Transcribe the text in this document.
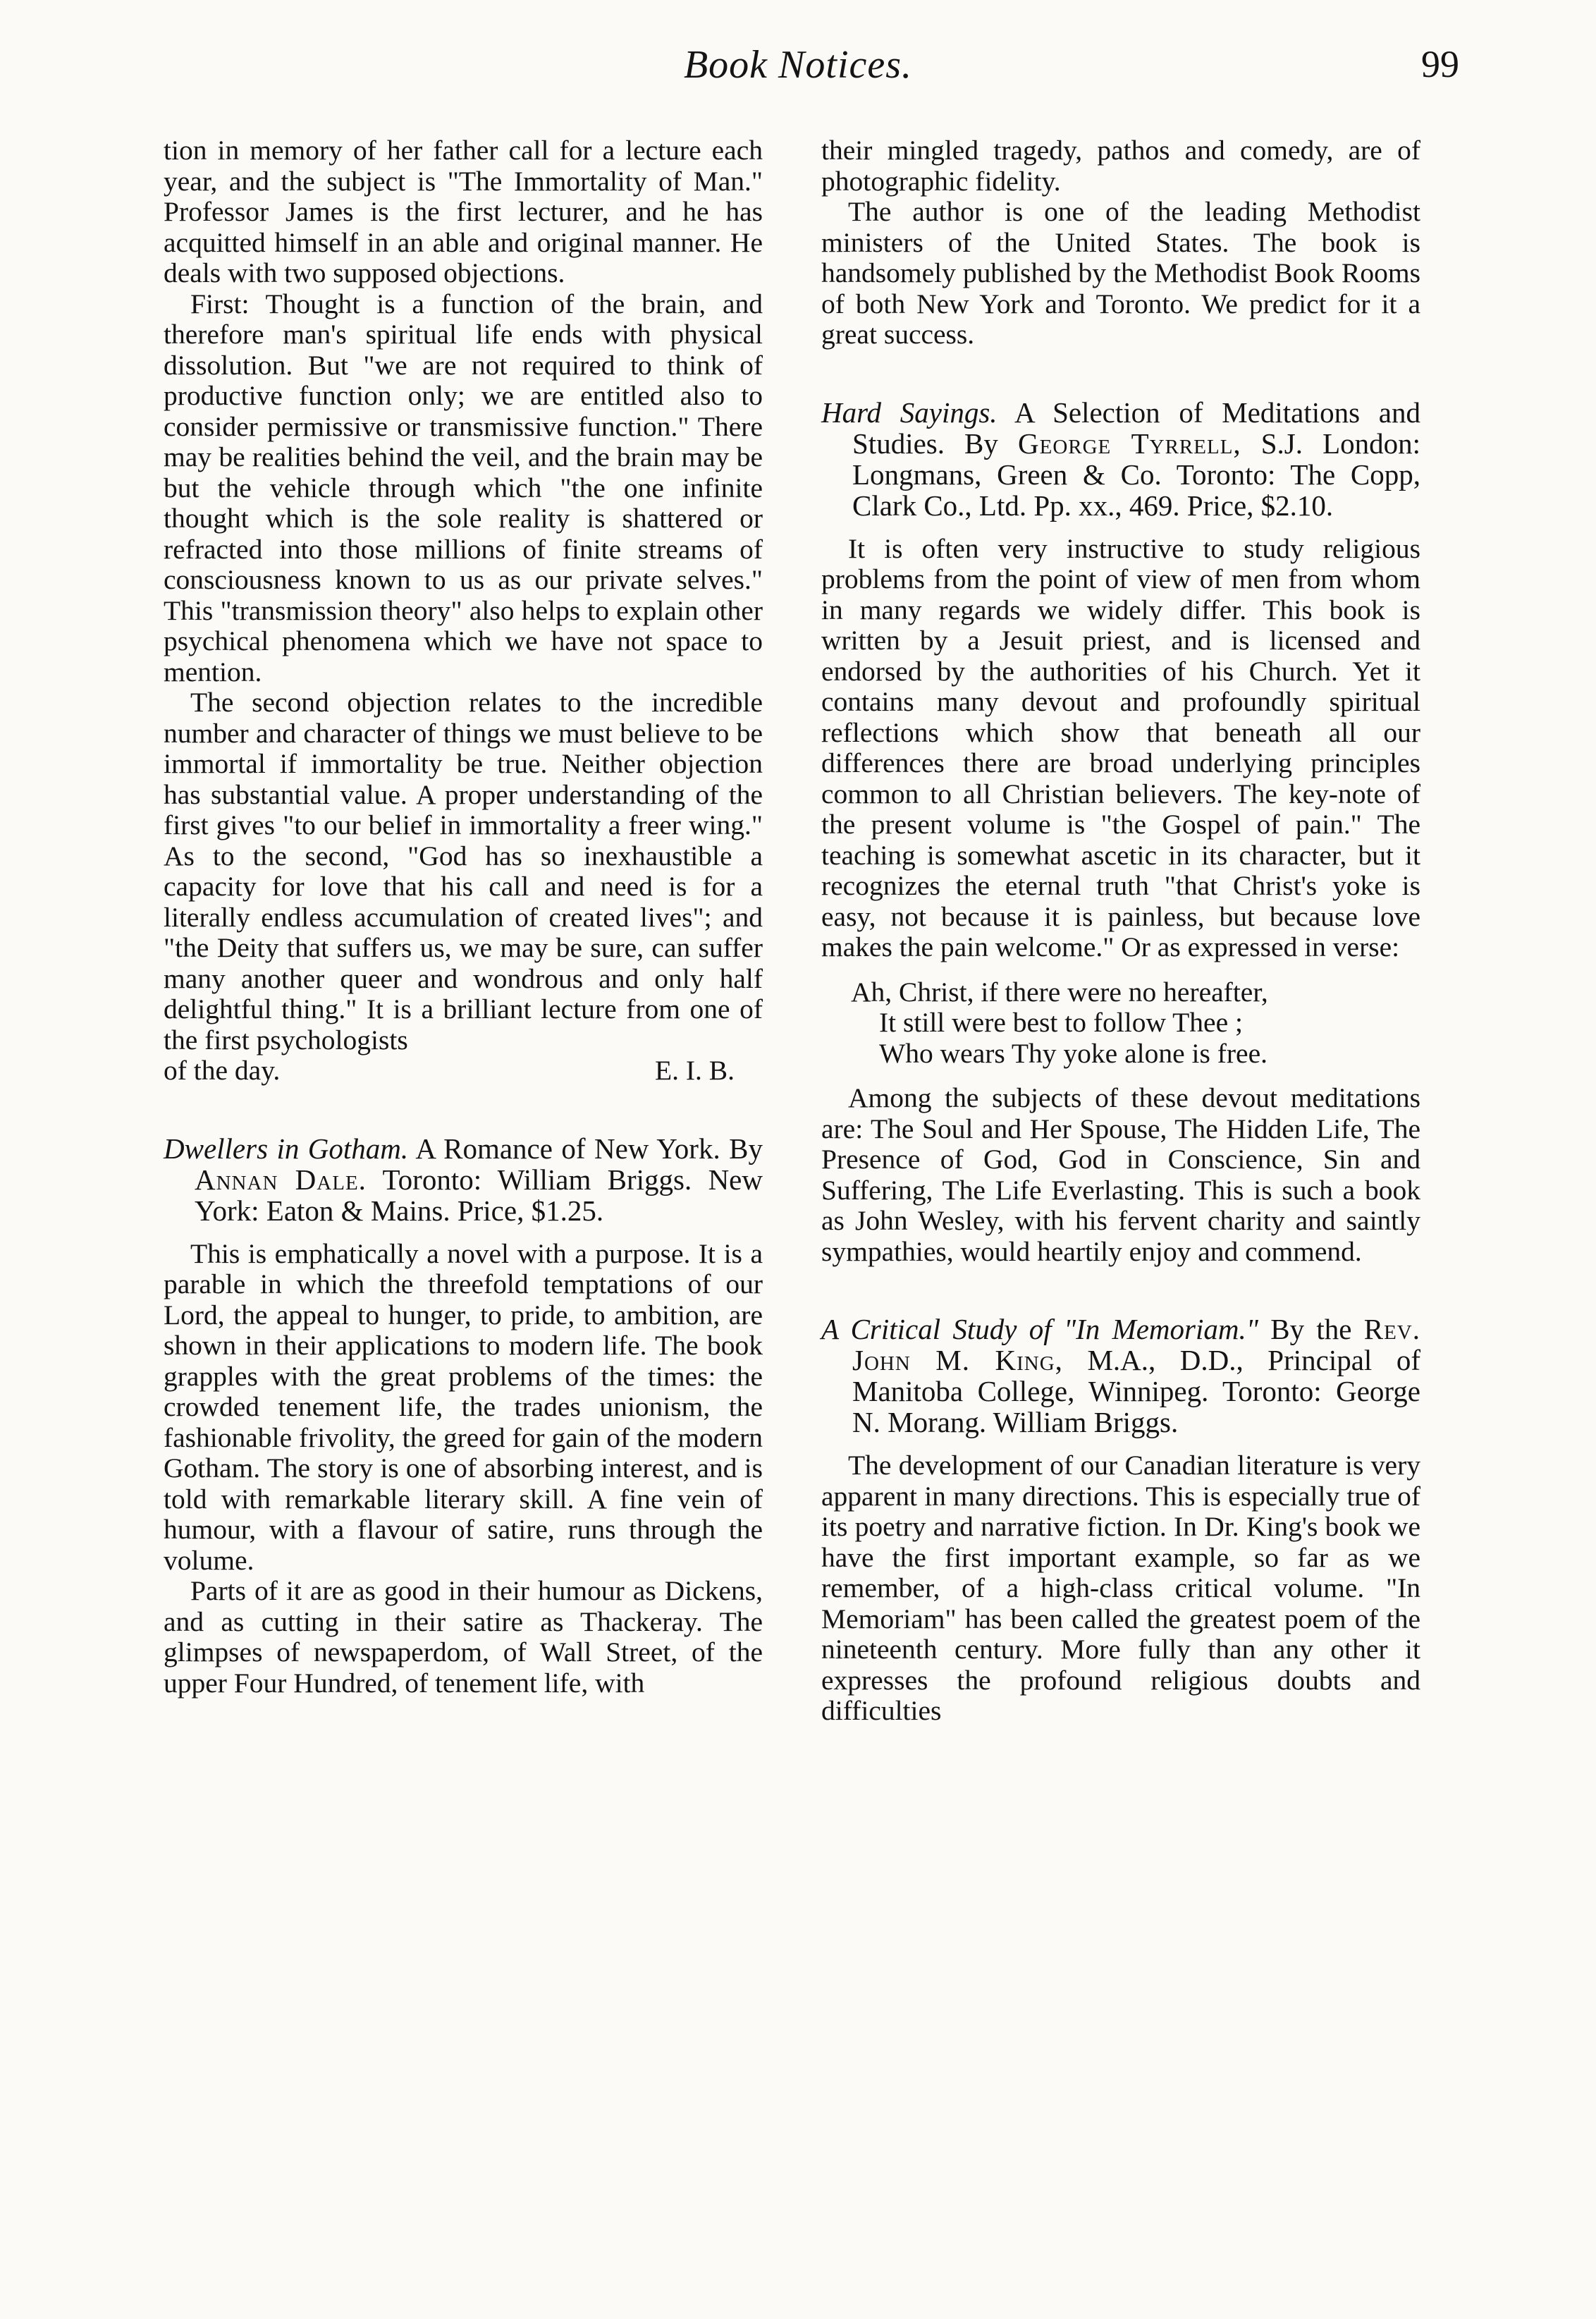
Book Notices.	99

tion in memory of her father call for a lecture each year, and the subject is "The Immortality of Man." Professor James is the first lecturer, and he has acquitted himself in an able and original manner. He deals with two supposed objections.

First: Thought is a function of the brain, and therefore man's spiritual life ends with physical dissolution. But "we are not required to think of productive function only; we are entitled also to consider permissive or transmissive function." There may be realities behind the veil, and the brain may be but the vehicle through which "the one infinite thought which is the sole reality is shattered or refracted into those millions of finite streams of consciousness known to us as our private selves." This "transmission theory" also helps to explain other psychical phenomena which we have not space to mention.

The second objection relates to the incredible number and character of things we must believe to be immortal if immortality be true. Neither objection has substantial value. A proper understanding of the first gives "to our belief in immortality a freer wing." As to the second, "God has so inexhaustible a capacity for love that his call and need is for a literally endless accumulation of created lives"; and "the Deity that suffers us, we may be sure, can suffer many another queer and wondrous and only half delightful thing." It is a brilliant lecture from one of the first psychologists

of the day.	E. I. B.

Dwellers in Gotham. A Romance of New York. By Annan Dale. Toronto: William Briggs. New York: Eaton & Mains. Price, $1.25.

This is emphatically a novel with a purpose. It is a parable in which the threefold temptations of our Lord, the appeal to hunger, to pride, to ambition, are shown in their applications to modern life. The book grapples with the great problems of the times: the crowded tenement life, the trades unionism, the fashionable frivolity, the greed for gain of the modern Gotham. The story is one of absorbing interest, and is told with remarkable literary skill. A fine vein of humour, with a flavour of satire, runs through the volume.

Parts of it are as good in their humour as Dickens, and as cutting in their satire as Thackeray. The glimpses of newspaperdom, of Wall Street, of the upper Four Hundred, of tenement life, with

their mingled tragedy, pathos and comedy, are of photographic fidelity.

The author is one of the leading Methodist ministers of the United States. The book is handsomely published by the Methodist Book Rooms of both New York and Toronto. We predict for it a great success.

Hard Sayings. A Selection of Meditations and Studies. By George Tyrrell, S.J. London: Longmans, Green & Co. Toronto: The Copp, Clark Co., Ltd. Pp. xx., 469. Price, $2.10.

It is often very instructive to study religious problems from the point of view of men from whom in many regards we widely differ. This book is written by a Jesuit priest, and is licensed and endorsed by the authorities of his Church. Yet it contains many devout and profoundly spiritual reflections which show that beneath all our differences there are broad underlying principles common to all Christian believers. The key-note of the present volume is "the Gospel of pain." The teaching is somewhat ascetic in its character, but it recognizes the eternal truth "that Christ's yoke is easy, not because it is painless, but because love makes the pain welcome." Or as expressed in verse:

Ah, Christ, if there were no hereafter,
It still were best to follow Thee ;
Who wears Thy yoke alone is free.

Among the subjects of these devout meditations are: The Soul and Her Spouse, The Hidden Life, The Presence of God, God in Conscience, Sin and Suffering, The Life Everlasting. This is such a book as John Wesley, with his fervent charity and saintly sympathies, would heartily enjoy and commend.

A Critical Study of "In Memoriam." By the Rev. John M. King, M.A., D.D., Principal of Manitoba College, Winnipeg. Toronto: George N. Morang. William Briggs.

The development of our Canadian literature is very apparent in many directions. This is especially true of its poetry and narrative fiction. In Dr. King's book we have the first important example, so far as we remember, of a high-class critical volume. "In Memoriam" has been called the greatest poem of the nineteenth century. More fully than any other it expresses the profound religious doubts and difficulties
